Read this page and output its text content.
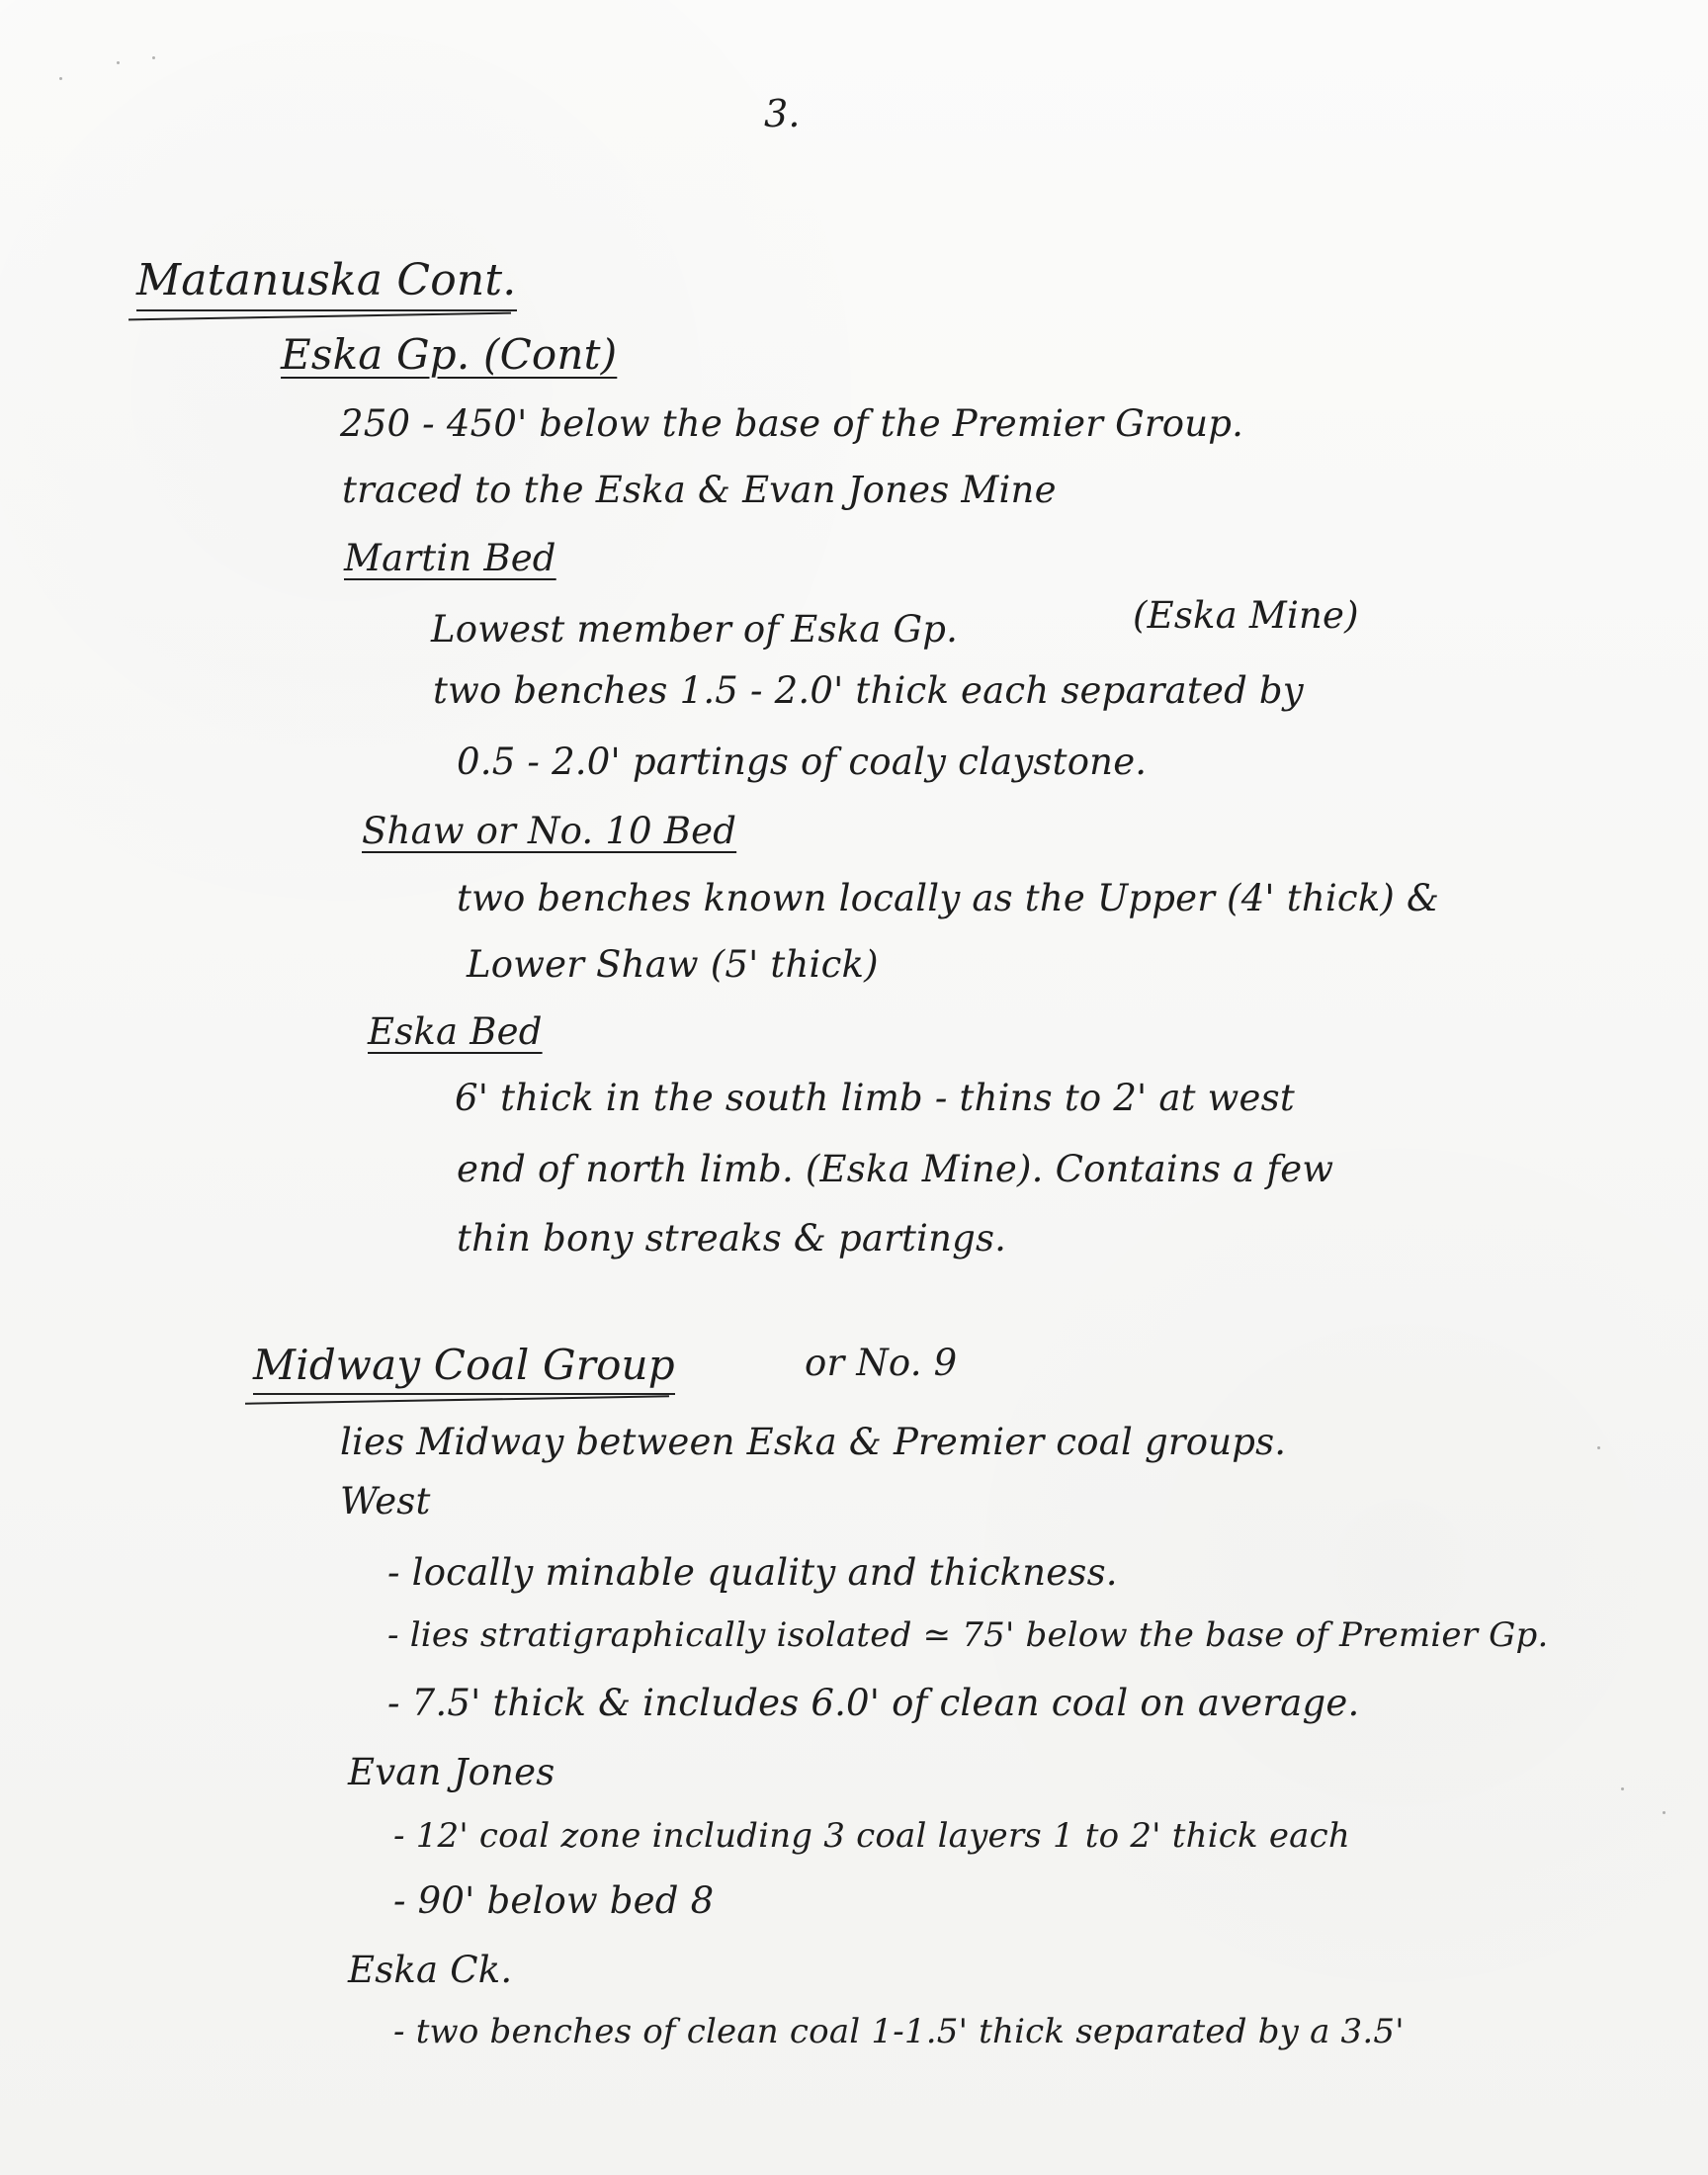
3.
Matanuska Cont.
Eska Gp. (Cont)
250 - 450' below the base of the Premier Group.
traced to the Eska & Evan Jones Mine
Martin Bed
Lowest member of Eska Gp.	(Eska Mine)
two benches 1.5 - 2.0' thick each separated by
0.5 - 2.0' partings of coaly claystone.
Shaw or No. 10 Bed
two benches known locally as the Upper (4' thick) &
Lower Shaw (5' thick)
Eska Bed
6' thick in the south limb - thins to 2' at west
end of north limb. (Eska Mine). Contains a few
thin bony streaks & partings.
Midway Coal Group	or No. 9
lies Midway between Eska & Premier coal groups.
West
- locally minable quality and thickness.
- lies stratigraphically isolated ≃ 75' below the base of Premier Gp.
- 7.5' thick & includes 6.0' of clean coal on average.
Evan Jones
- 12' coal zone including 3 coal layers 1 to 2' thick each
- 90' below bed 8
Eska Ck.
- two benches of clean coal 1-1.5' thick separated by a 3.5'
